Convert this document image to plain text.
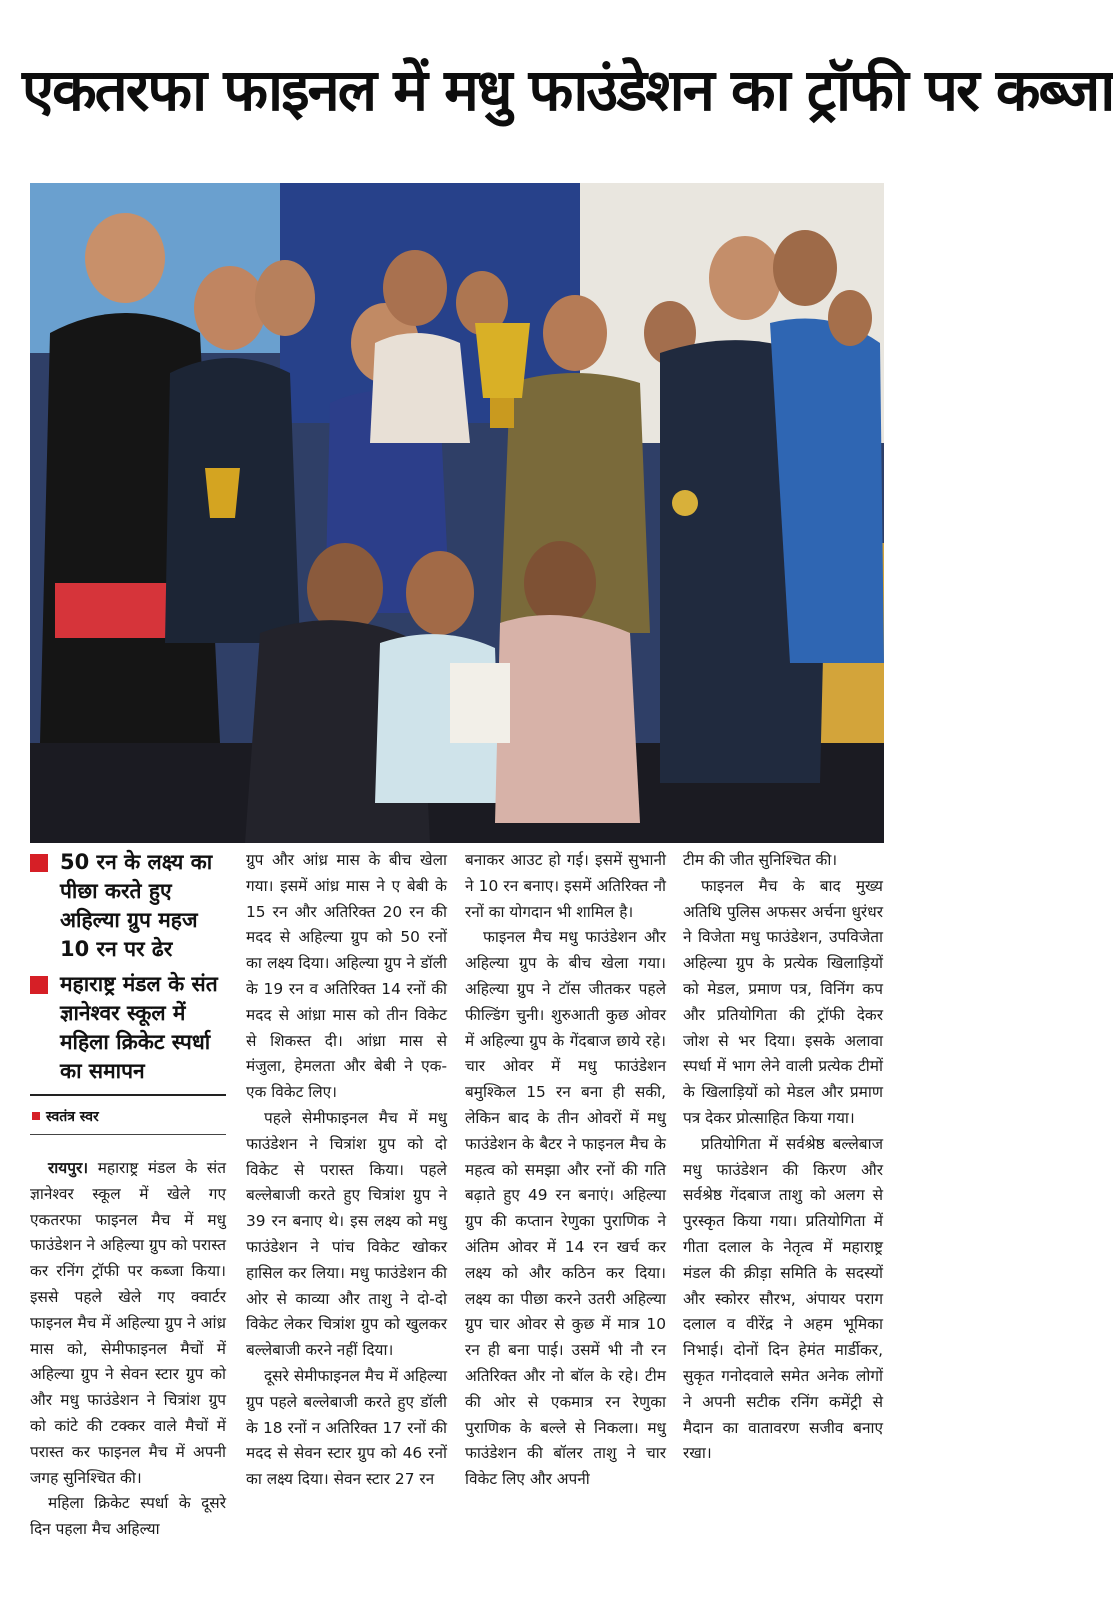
एकतरफा फाइनल में मधु फाउंडेशन का ट्रॉफी पर कब्जा
50 रन के लक्ष्य का पीछा करते हुए अहिल्या ग्रुप महज 10 रन पर ढेर
महाराष्ट्र मंडल के संत ज्ञानेश्वर स्कूल में महिला क्रिकेट स्पर्धा का समापन
स्वतंत्र स्वर

रायपुर। महाराष्ट्र मंडल के संत ज्ञानेश्वर स्कूल में खेले गए एकतरफा फाइनल मैच में मधु फाउंडेशन ने अहिल्या ग्रुप को परास्त कर रनिंग ट्रॉफी पर कब्जा किया। इससे पहले खेले गए क्वार्टर फाइनल मैच में अहिल्या ग्रुप ने आंध्र मास को, सेमीफाइनल मैचों में अहिल्या ग्रुप ने सेवन स्टार ग्रुप को और मधु फाउंडेशन ने चित्रांश ग्रुप को कांटे की टक्कर वाले मैचों में परास्त कर फाइनल मैच में अपनी जगह सुनिश्चित की।

महिला क्रिकेट स्पर्धा के दूसरे दिन पहला मैच अहिल्या

ग्रुप और आंध्र मास के बीच खेला गया। इसमें आंध्र मास ने ए बेबी के 15 रन और अतिरिक्त 20 रन की मदद से अहिल्या ग्रुप को 50 रनों का लक्ष्य दिया। अहिल्या ग्रुप ने डॉली के 19 रन व अतिरिक्त 14 रनों की मदद से आंध्रा मास को तीन विकेट से शिकस्त दी। आंध्रा मास से मंजुला, हेमलता और बेबी ने एक-एक विकेट लिए।

पहले सेमीफाइनल मैच में मधु फाउंडेशन ने चित्रांश ग्रुप को दो विकेट से परास्त किया। पहले बल्लेबाजी करते हुए चित्रांश ग्रुप ने 39 रन बनाए थे। इस लक्ष्य को मधु फाउंडेशन ने पांच विकेट खोकर हासिल कर लिया। मधु फाउंडेशन की ओर से काव्या और ताशु ने दो-दो विकेट लेकर चित्रांश ग्रुप को खुलकर बल्लेबाजी करने नहीं दिया।

दूसरे सेमीफाइनल मैच में अहिल्या ग्रुप पहले बल्लेबाजी करते हुए डॉली के 18 रनों न अतिरिक्त 17 रनों की मदद से सेवन स्टार ग्रुप को 46 रनों का लक्ष्य दिया। सेवन स्टार 27 रन

बनाकर आउट हो गई। इसमें सुभानी ने 10 रन बनाए। इसमें अतिरिक्त नौ रनों का योगदान भी शामिल है।

फाइनल मैच मधु फाउंडेशन और अहिल्या ग्रुप के बीच खेला गया। अहिल्या ग्रुप ने टॉस जीतकर पहले फील्डिंग चुनी। शुरुआती कुछ ओवर में अहिल्या ग्रुप के गेंदबाज छाये रहे। चार ओवर में मधु फाउंडेशन बमुश्किल 15 रन बना ही सकी, लेकिन बाद के तीन ओवरों में मधु फाउंडेशन के बैटर ने फाइनल मैच के महत्व को समझा और रनों की गति बढ़ाते हुए 49 रन बनाएं। अहिल्या ग्रुप की कप्तान रेणुका पुराणिक ने अंतिम ओवर में 14 रन खर्च कर लक्ष्य को और कठिन कर दिया। लक्ष्य का पीछा करने उतरी अहिल्या ग्रुप चार ओवर से कुछ में मात्र 10 रन ही बना पाई। उसमें भी नौ रन अतिरिक्त और नो बॉल के रहे। टीम की ओर से एकमात्र रन रेणुका पुराणिक के बल्ले से निकला। मधु फाउंडेशन की बॉलर ताशु ने चार विकेट लिए और अपनी

टीम की जीत सुनिश्चित की।

फाइनल मैच के बाद मुख्य अतिथि पुलिस अफसर अर्चना धुरंधर ने विजेता मधु फाउंडेशन, उपविजेता अहिल्या ग्रुप के प्रत्येक खिलाड़ियों को मेडल, प्रमाण पत्र, विनिंग कप और प्रतियोगिता की ट्रॉफी देकर जोश से भर दिया। इसके अलावा स्पर्धा में भाग लेने वाली प्रत्येक टीमों के खिलाड़ियों को मेडल और प्रमाण पत्र देकर प्रोत्साहित किया गया।

प्रतियोगिता में सर्वश्रेष्ठ बल्लेबाज मधु फाउंडेशन की किरण और सर्वश्रेष्ठ गेंदबाज ताशु को अलग से पुरस्कृत किया गया। प्रतियोगिता में गीता दलाल के नेतृत्व में महाराष्ट्र मंडल की क्रीड़ा समिति के सदस्यों और स्कोरर सौरभ, अंपायर पराग दलाल व वीरेंद्र ने अहम भूमिका निभाई। दोनों दिन हेमंत मार्डीकर, सुकृत गनोदवाले समेत अनेक लोगों ने अपनी सटीक रनिंग कमेंट्री से मैदान का वातावरण सजीव बनाए रखा।
